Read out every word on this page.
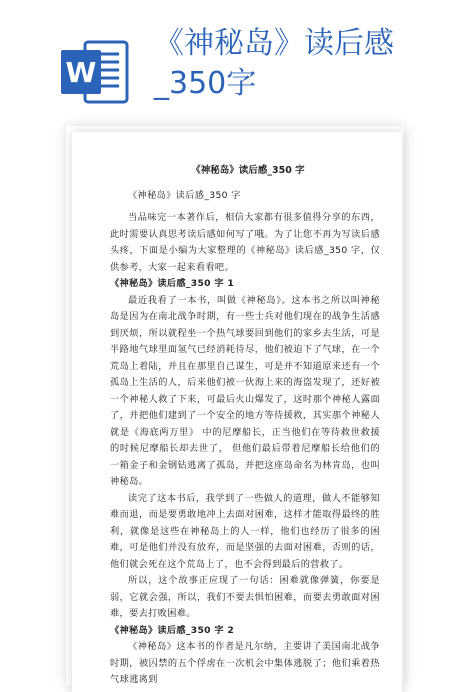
W
《神秘岛》读后感
_350字
《神秘岛》读后感_350 字

《神秘岛》读后感_350 字

当品味完一本著作后，相信大家都有很多值得分享的东西，此时需要认真思考读后感如何写了哦。为了让您不再为写读后感头疼，下面是小编为大家整理的《神秘岛》读后感_350 字，仅供参考，大家一起来看看吧。

《神秘岛》读后感_350 字 1

最近我看了一本书，叫做《神秘岛》。这本书之所以叫神秘岛是因为在南北战争时期，有一些士兵对他们现在的战争生活感到厌烦，所以就程坐一个热气球要回到他们的家乡去生活，可是半路地气球里面氢气已经消耗待尽，他们被迫下了气球，在一个荒岛上着陆，并且在那里自己谋生，可是并不知道原来还有一个孤岛上生活的人，后来他们被一伙海上来的海盗发现了，还好被一个神秘人救了下来，可最后火山爆发了，这时那个神秘人露面了，并把他们建到了一个安全的地方等待援救，其实那个神秘人就是《海底两万里》 中的尼摩船长，正当他们在等待救世救援的时候尼摩船长却去世了， 但他们最后带着尼摩船长给他们的一箱金子和金钢钻逃离了孤岛，并把这座岛命名为林肯岛，也叫神秘岛。

读完了这本书后，我学到了一些做人的道理，做人不能够知难而退，而是要勇敢地冲上去面对困难，这样才能取得最终的胜利，就像是这些在神秘岛上的人一样，他们也经历了很多的困难，可是他们并没有放弃，而是坚强的去面对困难，否则的话，他们就会死在这个荒岛上了，也不会得到最后的营救了。

所以，这个故事正应现了一句话：困难就像弹簧，你要是弱，它就会强，所以，我们不要去惧怕困难，而要去勇敢面对困难，要去打败困难。

《神秘岛》读后感_350 字 2

《神秘岛》这本书的作者是凡尔纳，主要讲了美国南北战争时期，被囚禁的五个俘虏在一次机会中集体逃脱了；他们乘着热气球逃离到
